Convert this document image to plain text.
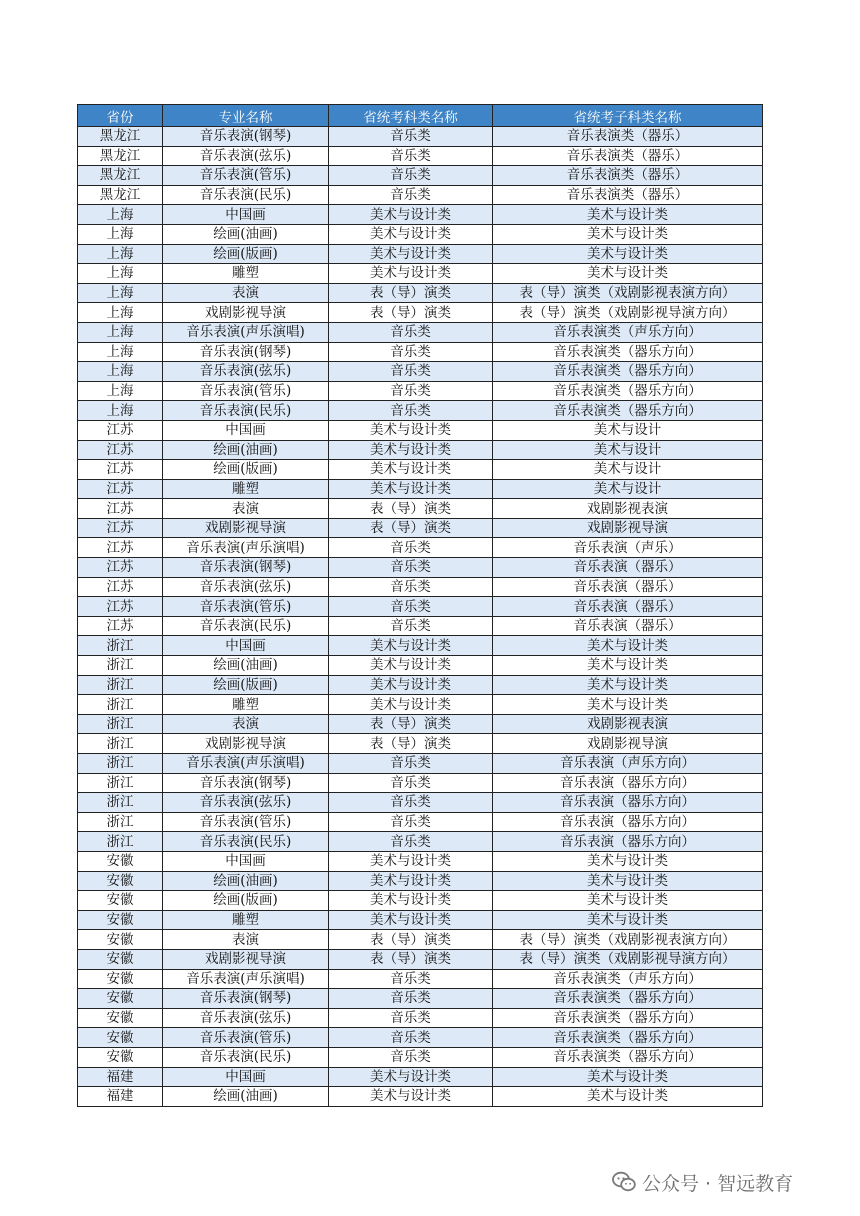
省份	专业名称	省统考科类名称	省统考子科类名称
黑龙江	音乐表演(钢琴)	音乐类	音乐表演类（器乐）
黑龙江	音乐表演(弦乐)	音乐类	音乐表演类（器乐）
黑龙江	音乐表演(管乐)	音乐类	音乐表演类（器乐）
黑龙江	音乐表演(民乐)	音乐类	音乐表演类（器乐）
上海	中国画	美术与设计类	美术与设计类
上海	绘画(油画)	美术与设计类	美术与设计类
上海	绘画(版画)	美术与设计类	美术与设计类
上海	雕塑	美术与设计类	美术与设计类
上海	表演	表（导）演类	表（导）演类（戏剧影视表演方向）
上海	戏剧影视导演	表（导）演类	表（导）演类（戏剧影视导演方向）
上海	音乐表演(声乐演唱)	音乐类	音乐表演类（声乐方向）
上海	音乐表演(钢琴)	音乐类	音乐表演类（器乐方向）
上海	音乐表演(弦乐)	音乐类	音乐表演类（器乐方向）
上海	音乐表演(管乐)	音乐类	音乐表演类（器乐方向）
上海	音乐表演(民乐)	音乐类	音乐表演类（器乐方向）
江苏	中国画	美术与设计类	美术与设计
江苏	绘画(油画)	美术与设计类	美术与设计
江苏	绘画(版画)	美术与设计类	美术与设计
江苏	雕塑	美术与设计类	美术与设计
江苏	表演	表（导）演类	戏剧影视表演
江苏	戏剧影视导演	表（导）演类	戏剧影视导演
江苏	音乐表演(声乐演唱)	音乐类	音乐表演（声乐）
江苏	音乐表演(钢琴)	音乐类	音乐表演（器乐）
江苏	音乐表演(弦乐)	音乐类	音乐表演（器乐）
江苏	音乐表演(管乐)	音乐类	音乐表演（器乐）
江苏	音乐表演(民乐)	音乐类	音乐表演（器乐）
浙江	中国画	美术与设计类	美术与设计类
浙江	绘画(油画)	美术与设计类	美术与设计类
浙江	绘画(版画)	美术与设计类	美术与设计类
浙江	雕塑	美术与设计类	美术与设计类
浙江	表演	表（导）演类	戏剧影视表演
浙江	戏剧影视导演	表（导）演类	戏剧影视导演
浙江	音乐表演(声乐演唱)	音乐类	音乐表演（声乐方向）
浙江	音乐表演(钢琴)	音乐类	音乐表演（器乐方向）
浙江	音乐表演(弦乐)	音乐类	音乐表演（器乐方向）
浙江	音乐表演(管乐)	音乐类	音乐表演（器乐方向）
浙江	音乐表演(民乐)	音乐类	音乐表演（器乐方向）
安徽	中国画	美术与设计类	美术与设计类
安徽	绘画(油画)	美术与设计类	美术与设计类
安徽	绘画(版画)	美术与设计类	美术与设计类
安徽	雕塑	美术与设计类	美术与设计类
安徽	表演	表（导）演类	表（导）演类（戏剧影视表演方向）
安徽	戏剧影视导演	表（导）演类	表（导）演类（戏剧影视导演方向）
安徽	音乐表演(声乐演唱)	音乐类	音乐表演类（声乐方向）
安徽	音乐表演(钢琴)	音乐类	音乐表演类（器乐方向）
安徽	音乐表演(弦乐)	音乐类	音乐表演类（器乐方向）
安徽	音乐表演(管乐)	音乐类	音乐表演类（器乐方向）
安徽	音乐表演(民乐)	音乐类	音乐表演类（器乐方向）
福建	中国画	美术与设计类	美术与设计类
福建	绘画(油画)	美术与设计类	美术与设计类
公众号 · 智远教育
